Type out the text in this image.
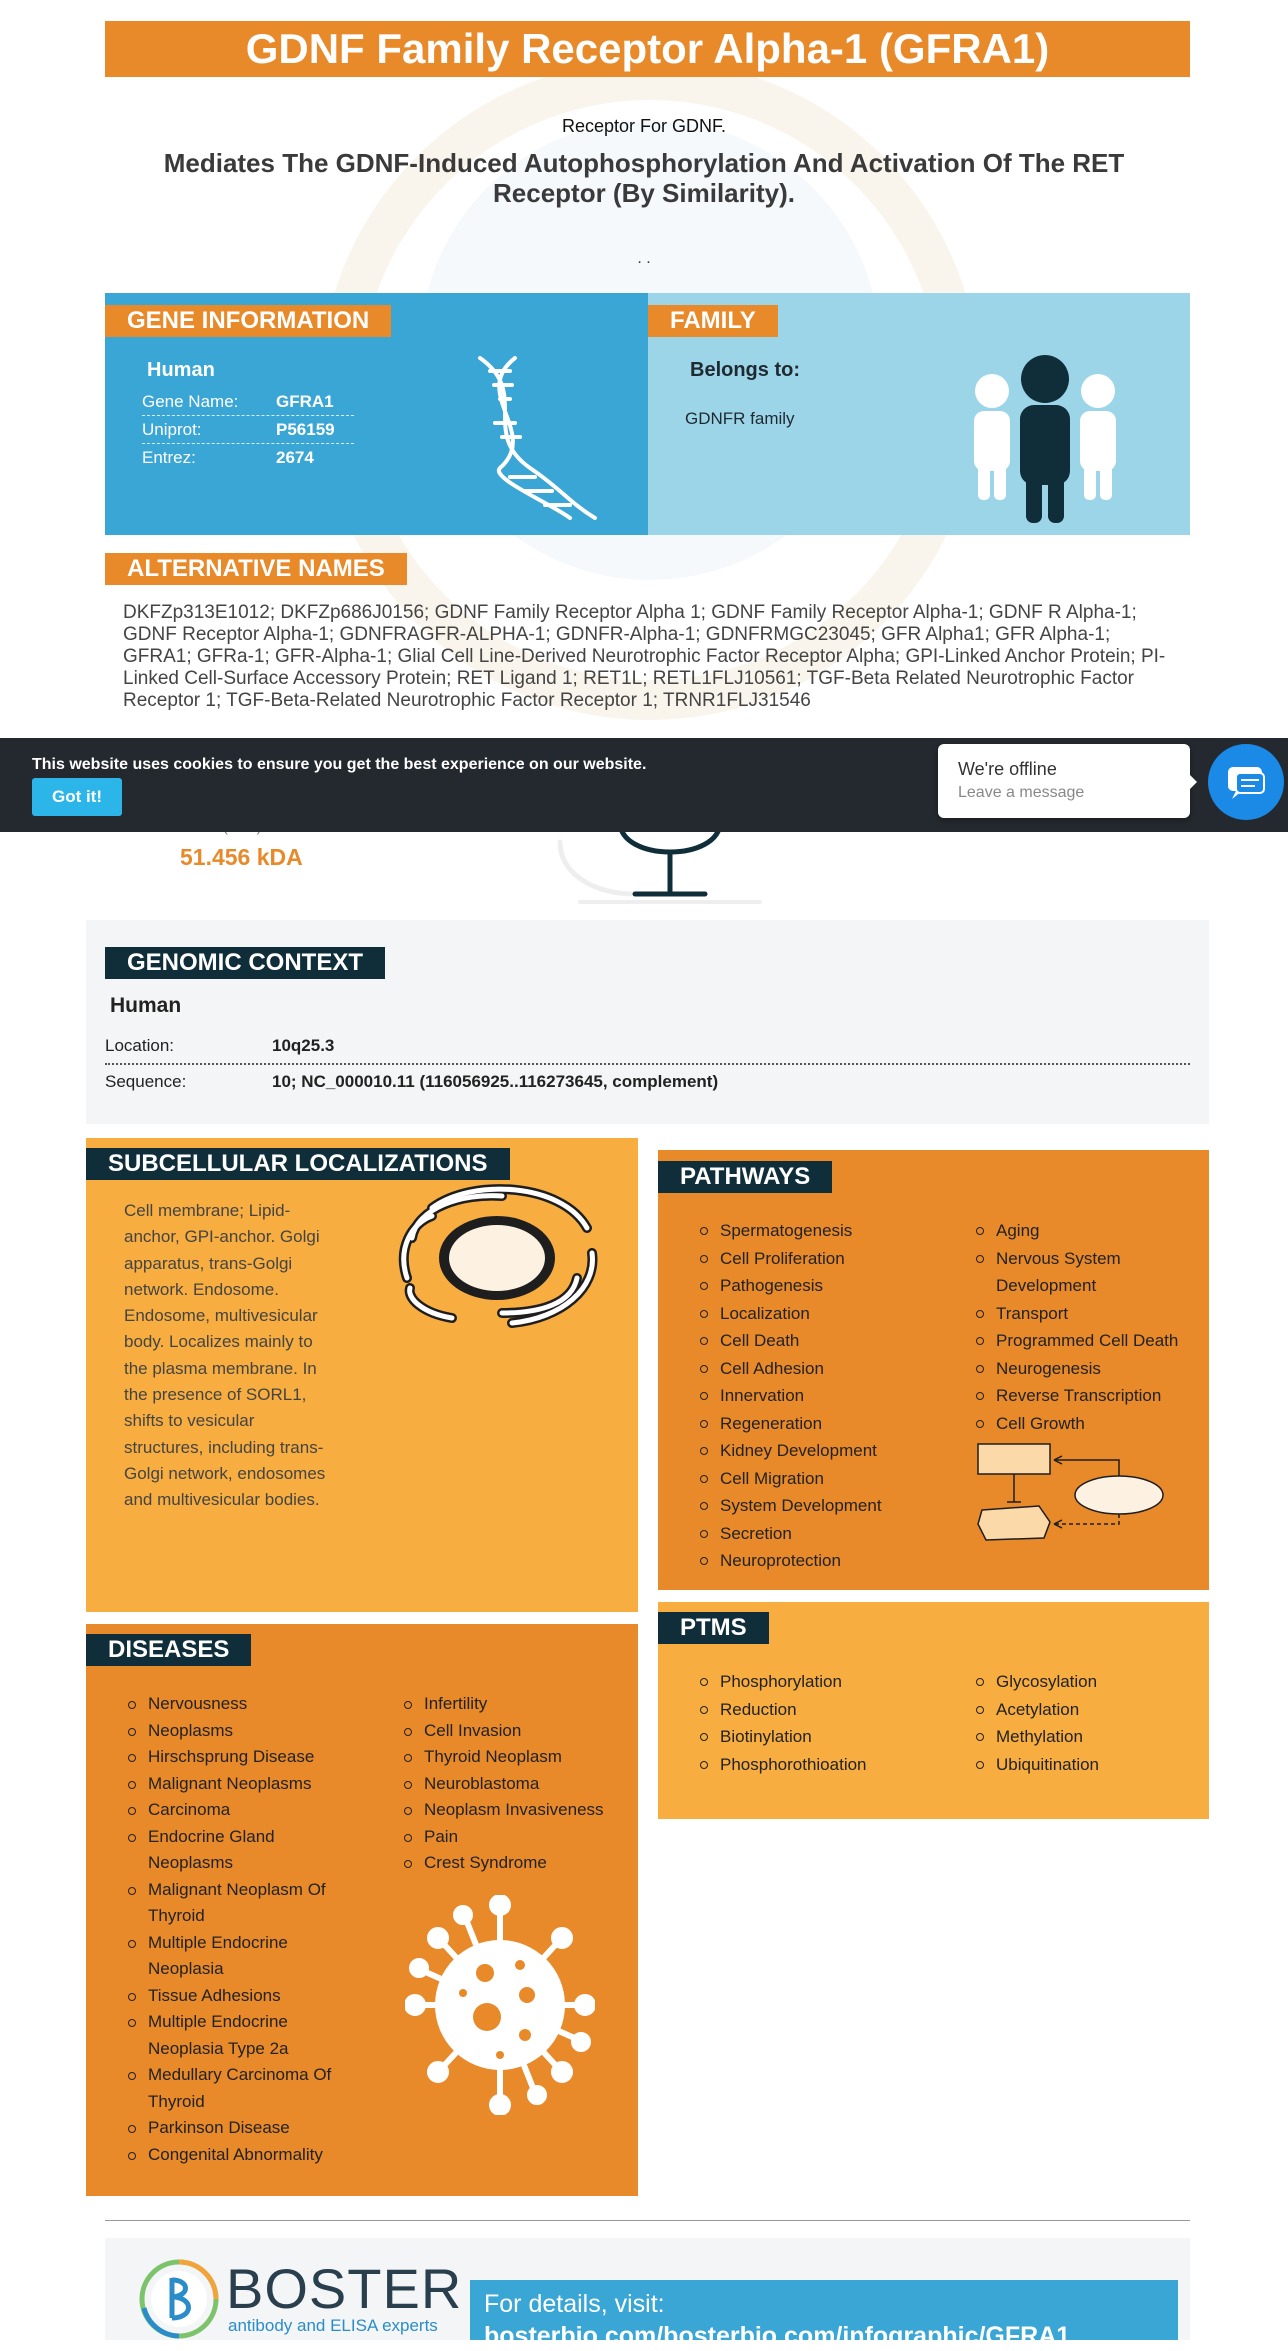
GDNF Family Receptor Alpha-1 (GFRA1)
Receptor For GDNF.
Mediates The GDNF-Induced Autophosphorylation And Activation Of The RET Receptor (By Similarity).
. .
GENE INFORMATION
Human
Gene Name:	GFRA1
Uniprot:	P56159
Entrez:	2674
FAMILY
Belongs to:
GDNFR family
ALTERNATIVE NAMES
DKFZp313E1012; DKFZp686J0156; GDNF Family Receptor Alpha 1; GDNF Family Receptor Alpha-1; GDNF R Alpha-1; GDNF Receptor Alpha-1; GDNFRAGFR-ALPHA-1; GDNFR-Alpha-1; GDNFRMGC23045; GFR Alpha1; GFR Alpha-1; GFRA1; GFRa-1; GFR-Alpha-1; Glial Cell Line-Derived Neurotrophic Factor Receptor Alpha; GPI-Linked Anchor Protein; PI-Linked Cell-Surface Accessory Protein; RET Ligand 1; RET1L; RETL1FLJ10561; TGF-Beta Related Neurotrophic Factor Receptor 1; TGF-Beta-Related Neurotrophic Factor Receptor 1; TRNR1FLJ31546
51.456 kDA
This website uses cookies to ensure you get the best experience on our website.
Got it!
We're offline
Leave a message
GENOMIC CONTEXT
Human
Location:	10q25.3
Sequence:	10; NC_000010.11 (116056925..116273645, complement)
SUBCELLULAR LOCALIZATIONS
Cell membrane; Lipid-anchor, GPI-anchor. Golgi apparatus, trans-Golgi network. Endosome. Endosome, multivesicular body. Localizes mainly to the plasma membrane. In the presence of SORL1, shifts to vesicular structures, including trans-Golgi network, endosomes and multivesicular bodies.
PATHWAYS
Spermatogenesis
Cell Proliferation
Pathogenesis
Localization
Cell Death
Cell Adhesion
Innervation
Regeneration
Kidney Development
Cell Migration
System Development
Secretion
Neuroprotection
Aging
Nervous System Development
Transport
Programmed Cell Death
Neurogenesis
Reverse Transcription
Cell Growth
PTMS
Phosphorylation
Reduction
Biotinylation
Phosphorothioation
Glycosylation
Acetylation
Methylation
Ubiquitination
DISEASES
Nervousness
Neoplasms
Hirschsprung Disease
Malignant Neoplasms
Carcinoma
Endocrine Gland Neoplasms
Malignant Neoplasm Of Thyroid
Multiple Endocrine Neoplasia
Tissue Adhesions
Multiple Endocrine Neoplasia Type 2a
Medullary Carcinoma Of Thyroid
Parkinson Disease
Congenital Abnormality
Infertility
Cell Invasion
Thyroid Neoplasm
Neuroblastoma
Neoplasm Invasiveness
Pain
Crest Syndrome
BOSTER
antibody and ELISA experts
For details, visit:
bosterbio.com/bosterbio.com/infographic/GFRA1
